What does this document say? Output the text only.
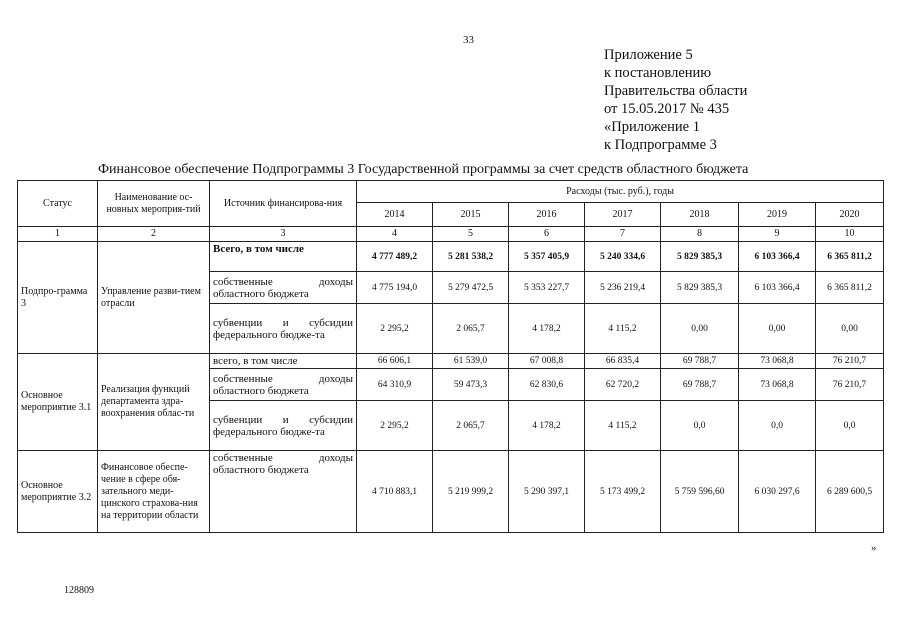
33
Приложение 5
к постановлению
Правительства области
от 15.05.2017 № 435
«Приложение 1
к Подпрограмме 3
Финансовое обеспечение Подпрограммы 3 Государственной программы за счет средств областного бюджета
Статус	Наименование ос-новных мероприя-тий	Источник финансирова-ния	Расходы (тыс. руб.), годы						
			2014	2015	2016	2017	2018	2019	2020
1	2	3	4	5	6	7	8	9	10
Подпро-грамма 3	Управление разви-тием отрасли	Всего, в том числе	4 777 489,2	5 281 538,2	5 357 405,9	5 240 334,6	5 829 385,3	6 103 366,4	6 365 811,2
		собственные доходы областного бюджета	4 775 194,0	5 279 472,5	5 353 227,7	5 236 219,4	5 829 385,3	6 103 366,4	6 365 811,2
		субвенции и субсидии федерального бюдже-та	2 295,2	2 065,7	4 178,2	4 115,2	0,00	0,00	0,00
Основное мероприятие 3.1	Реализация функций департамента здра-воохранения облас-ти	всего, в том числе	66 606,1	61 539,0	67 008,8	66 835,4	69 788,7	73 068,8	76 210,7
		собственные доходы областного бюджета	64 310,9	59 473,3	62 830,6	62 720,2	69 788,7	73 068,8	76 210,7
		субвенции и субсидии федерального бюдже-та	2 295,2	2 065,7	4 178,2	4 115,2	0,0	0,0	0,0
Основное мероприятие 3.2	Финансовое обеспе-чение в сфере обя-зательного меди-цинского страхова-ния на территории области	собственные доходы областного бюджета	4 710 883,1	5 219 999,2	5 290 397,1	5 173 499,2	5 759 596,60	6 030 297,6	6 289 600,5
»
128809
